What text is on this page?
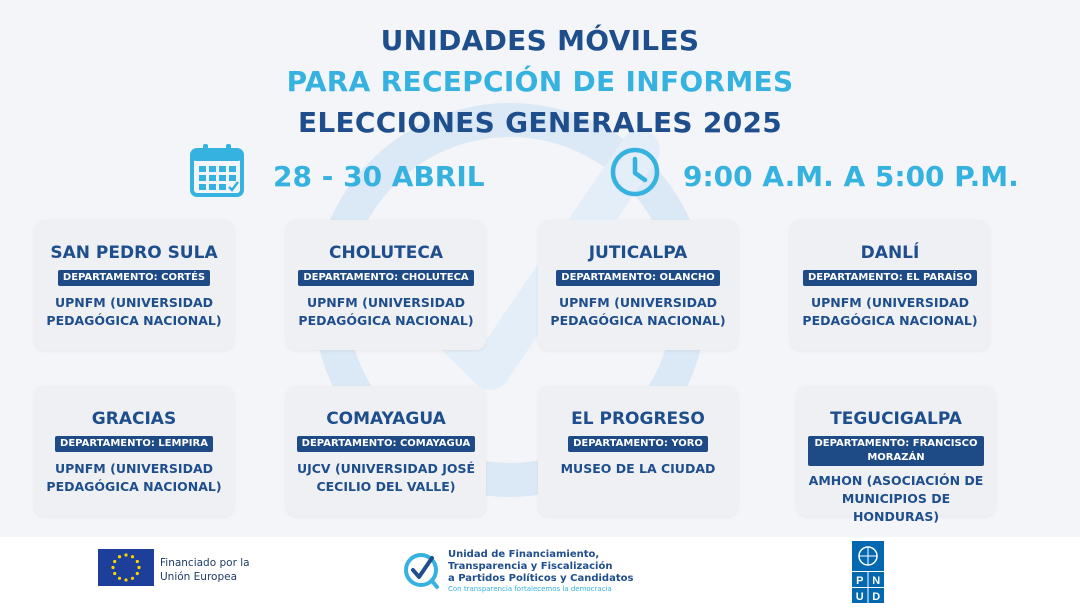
UNIDADES MÓVILES
PARA RECEPCIÓN DE INFORMES
ELECCIONES GENERALES 2025
28 - 30 ABRIL	9:00 A.M. A 5:00 P.M.
SAN PEDRO SULA
DEPARTAMENTO: CORTÉS
UPNFM (UNIVERSIDAD PEDAGÓGICA NACIONAL)
CHOLUTECA
DEPARTAMENTO: CHOLUTECA
UPNFM (UNIVERSIDAD PEDAGÓGICA NACIONAL)
JUTICALPA
DEPARTAMENTO: OLANCHO
UPNFM (UNIVERSIDAD PEDAGÓGICA NACIONAL)
DANLÍ
DEPARTAMENTO: EL PARAÍSO
UPNFM (UNIVERSIDAD PEDAGÓGICA NACIONAL)
GRACIAS
DEPARTAMENTO: LEMPIRA
UPNFM (UNIVERSIDAD PEDAGÓGICA NACIONAL)
COMAYAGUA
DEPARTAMENTO: COMAYAGUA
UJCV (UNIVERSIDAD JOSÉ CECILIO DEL VALLE)
EL PROGRESO
DEPARTAMENTO: YORO
MUSEO DE LA CIUDAD
TEGUCIGALPA
DEPARTAMENTO: FRANCISCO MORAZÁN
AMHON (ASOCIACIÓN DE MUNICIPIOS DE HONDURAS)
Financiado por la
Unión Europea
Unidad de Financiamiento,
Transparencia y Fiscalización
a Partidos Políticos y Candidatos
Con transparencia fortalecemos la democracia
P N
U D
